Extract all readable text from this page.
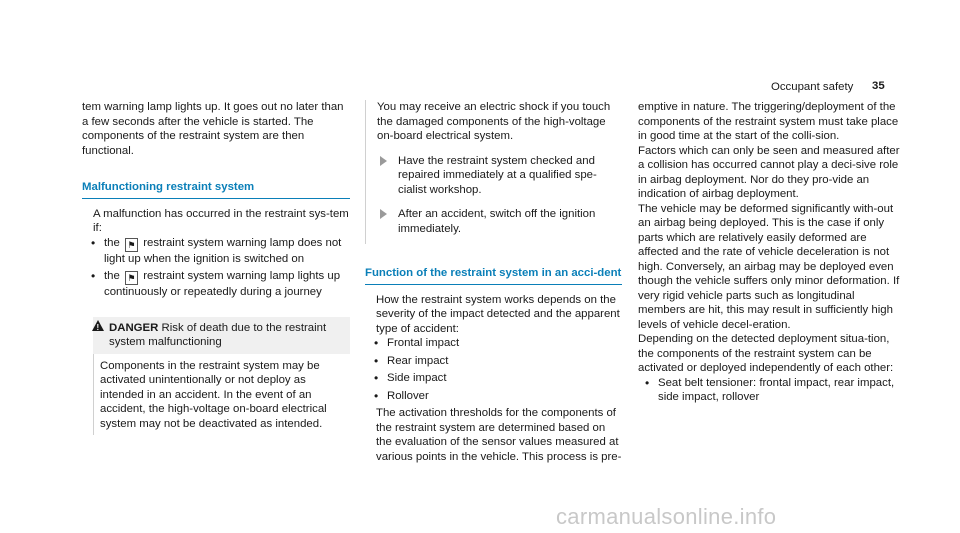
Occupant safety 35

tem warning lamp lights up. It goes out no later than a few seconds after the vehicle is started. The components of the restraint system are then functional.

Malfunctioning restraint system

A malfunction has occurred in the restraint sys-tem if:

• the ⚑ restraint system warning lamp does not light up when the ignition is switched on
• the ⚑ restraint system warning lamp lights up continuously or repeatedly during a journey
!
DANGER Risk of death due to the restraint system malfunctioning
Components in the restraint system may be activated unintentionally or not deploy as intended in an accident. In the event of an accident, the high-voltage on-board electrical system may not be deactivated as intended.

You may receive an electric shock if you touch the damaged components of the high-voltage on-board electrical system.

Have the restraint system checked and repaired immediately at a qualified spe-cialist workshop.
After an accident, switch off the ignition immediately.
Function of the restraint system in an acci-dent

How the restraint system works depends on the severity of the impact detected and the apparent type of accident:

• Frontal impact
• Rear impact
• Side impact
• Rollover

The activation thresholds for the components of the restraint system are determined based on the evaluation of the sensor values measured at various points in the vehicle. This process is pre-

emptive in nature. The triggering/deployment of the components of the restraint system must take place in good time at the start of the colli-sion.

Factors which can only be seen and measured after a collision has occurred cannot play a deci-sive role in airbag deployment. Nor do they pro-vide an indication of airbag deployment.

The vehicle may be deformed significantly with-out an airbag being deployed. This is the case if only parts which are relatively easily deformed are affected and the rate of vehicle deceleration is not high. Conversely, an airbag may be deployed even though the vehicle suffers only minor deformation. If very rigid vehicle parts such as longitudinal members are hit, this may result in sufficiently high levels of vehicle decel-eration.

Depending on the detected deployment situa-tion, the components of the restraint system can be activated or deployed independently of each other:

• Seat belt tensioner: frontal impact, rear impact, side impact, rollover
carmanualsonline.info
